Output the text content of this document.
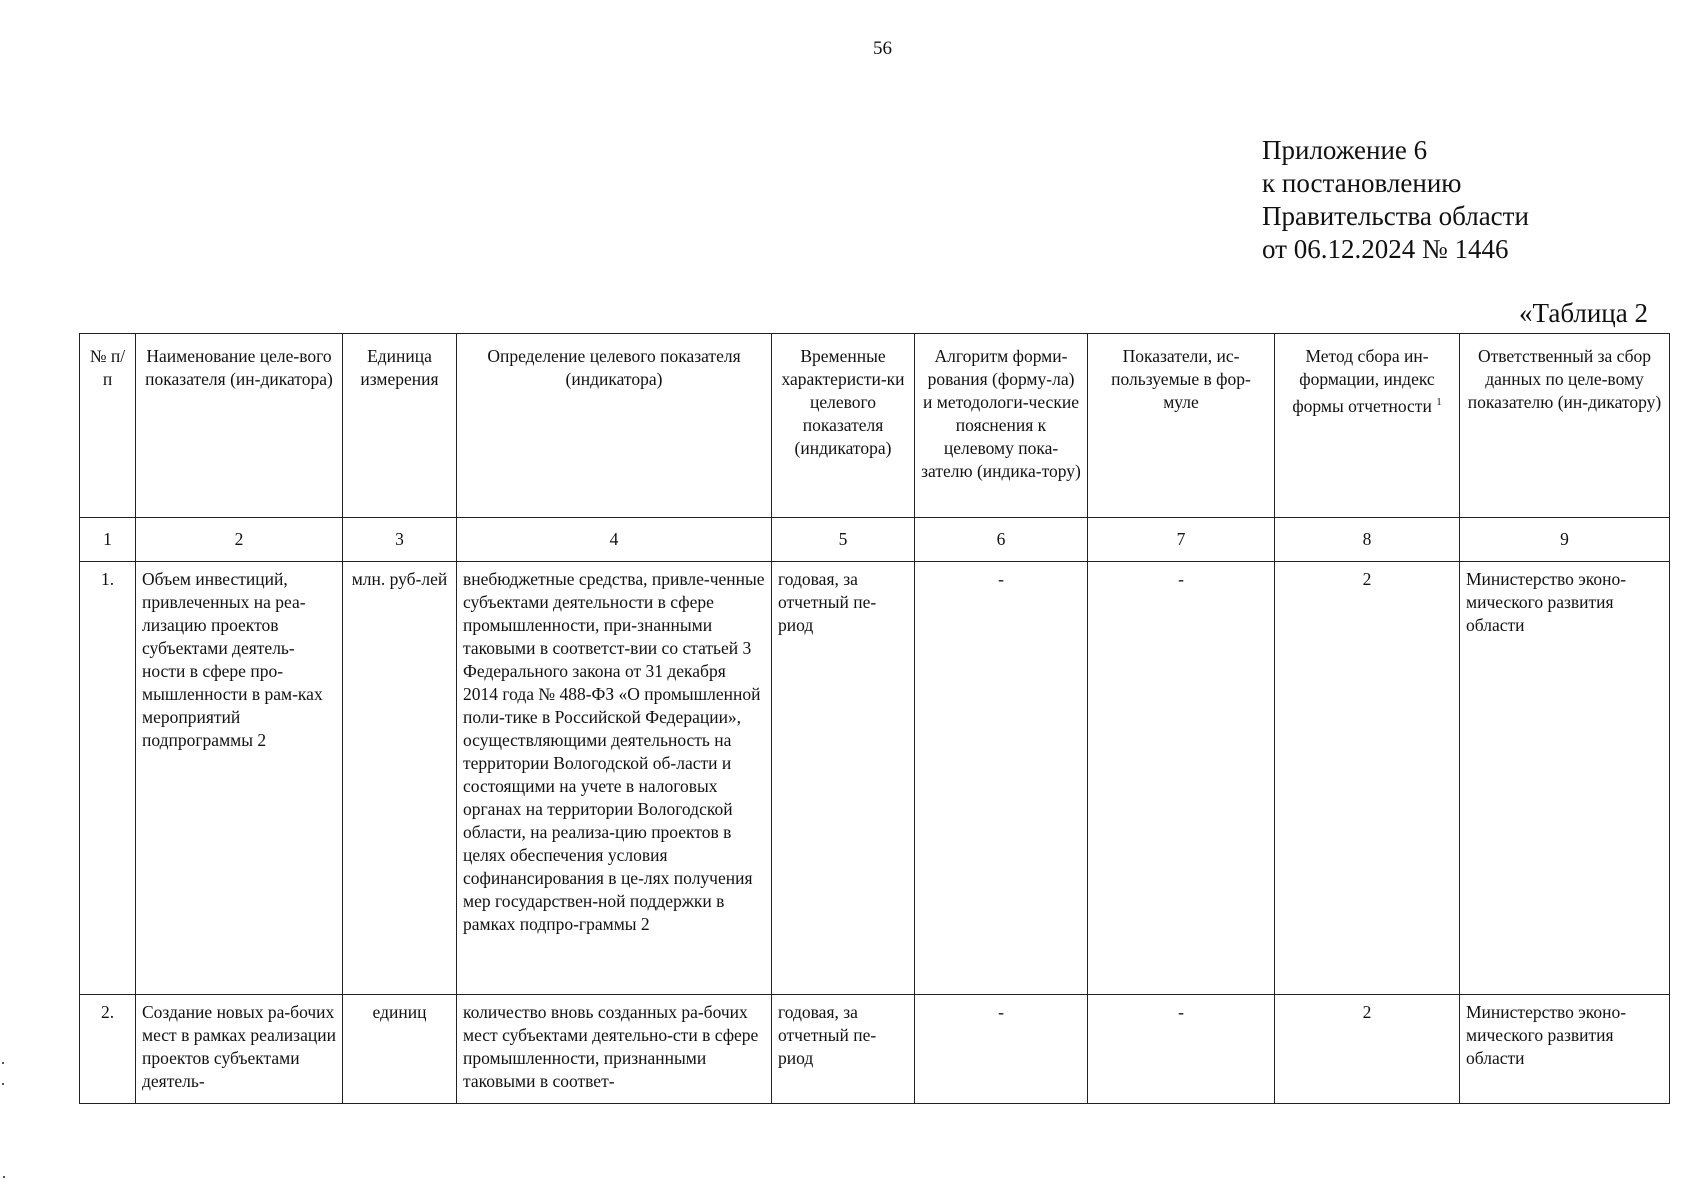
56
Приложение 6
к постановлению
Правительства области
от 06.12.2024 № 1446
«Таблица 2
№ п/п	Наименование целе-вого показателя (ин-дикатора)	Единица измерения	Определение целевого показателя (индикатора)	Временные характеристи-ки целевого показателя (индикатора)	Алгоритм форми-рования (форму-ла) и методологи-ческие пояснения к целевому пока-зателю (индика-тору)	Показатели, ис-пользуемые в фор-муле	Метод сбора ин-формации, индекс формы отчетности $^1$	Ответственный за сбор данных по целе-вому показателю (ин-дикатору)
1	2	3	4	5	6	7	8	9
1.	Объем инвестиций, привлеченных на реа-лизацию проектов субъектами деятель-ности в сфере про-мышленности в рам-ках мероприятий подпрограммы 2	млн. руб-лей	внебюджетные средства, привле-ченные субъектами деятельности в сфере промышленности, при-знанными таковыми в соответст-вии со статьей 3 Федерального закона от 31 декабря 2014 года № 488-ФЗ «О промышленной поли-тике в Российской Федерации», осуществляющими деятельность на территории Вологодской об-ласти и состоящими на учете в налоговых органах на территории Вологодской области, на реализа-цию проектов в целях обеспечения условия софинансирования в це-лях получения мер государствен-ной поддержки в рамках подпро-граммы 2	годовая, за отчетный пе-риод	-	-	2	Министерство эконо-мического развития области
2.	Создание новых ра-бочих мест в рамках реализации проектов субъектами деятель-	единиц	количество вновь созданных ра-бочих мест субъектами деятельно-сти в сфере промышленности, признанными таковыми в соответ-	годовая, за отчетный пе-риод	-	-	2	Министерство эконо-мического развития области
